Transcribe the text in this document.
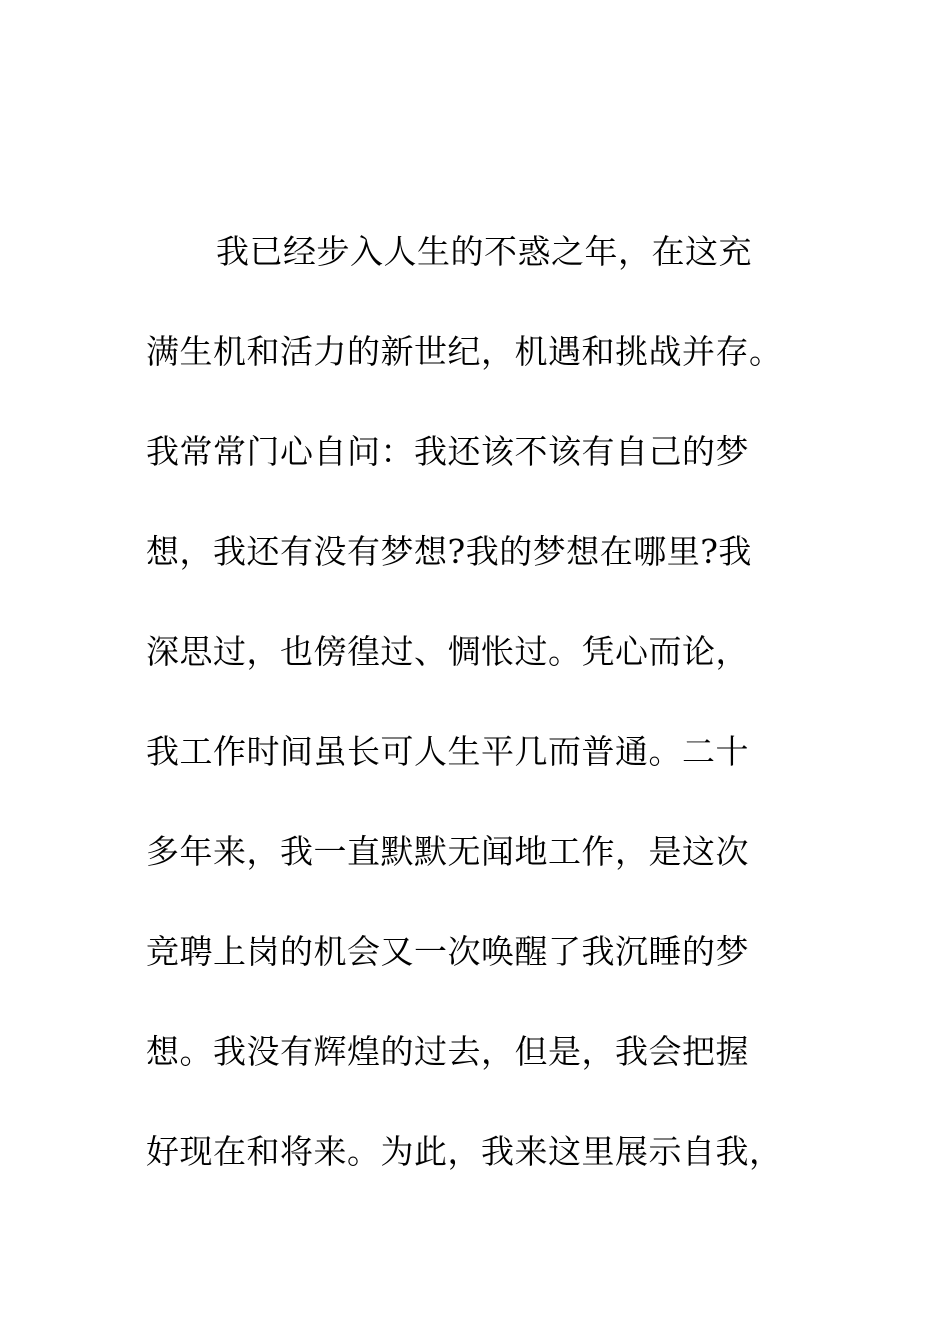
我已经步入人生的不惑之年，在这充
满生机和活力的新世纪，机遇和挑战并存。
我常常门心自问：我还该不该有自己的梦
想，我还有没有梦想?我的梦想在哪里?我
深思过，也傍徨过、惆怅过。凭心而论，
我工作时间虽长可人生平几而普通。二十
多年来，我一直默默无闻地工作，是这次
竞聘上岗的机会又一次唤醒了我沉睡的梦
想。我没有辉煌的过去，但是，我会把握
好现在和将来。为此，我来这里展示自我，
